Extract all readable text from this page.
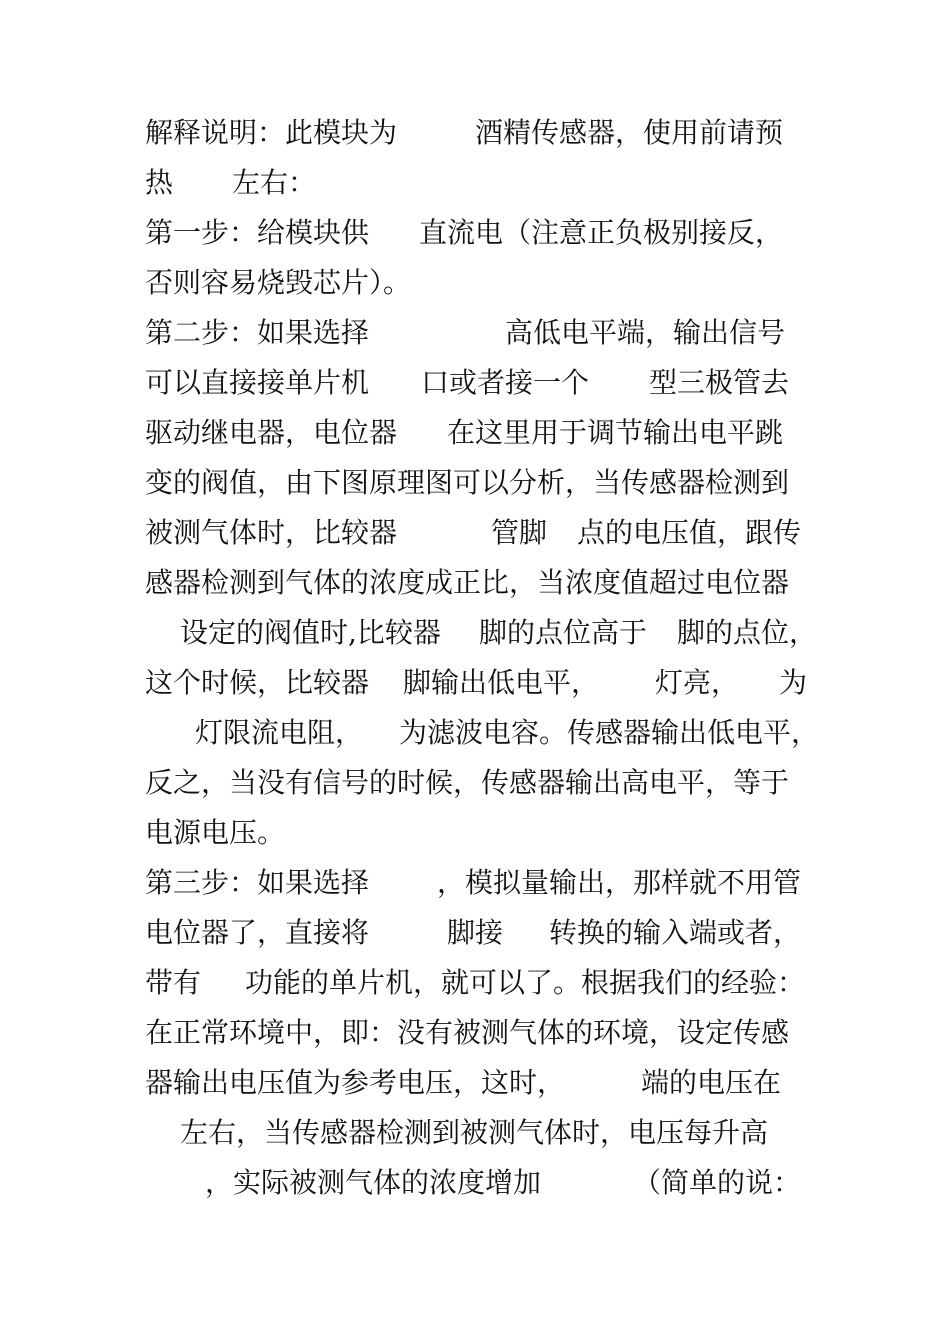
解释说明：此模块为	酒精传感器，使用前请预
热 左右：
第一步：给模块供 直流电（注意正负极别接反，
否则容易烧毁芯片）。
第二步：如果选择	高低电平端，输出信号
可以直接接单片机 口或者接一个 型三极管去
驱动继电器，电位器 在这里用于调节输出电平跳
变的阀值，由下图原理图可以分析，当传感器检测到
被测气体时，比较器	管脚 点的电压值，跟传
感器检测到气体的浓度成正比，当浓度值超过电位器
设定的阀值时,比较器 脚的点位高于 脚的点位，
这个时候，比较器 脚输出低电平， 灯亮， 为
灯限流电阻， 为滤波电容。传感器输出低电平，
反之，当没有信号的时候，传感器输出高电平，等于
电源电压。
第三步：如果选择 ，模拟量输出，那样就不用管
电位器了，直接将	脚接 转换的输入端或者，
带有 功能的单片机，就可以了。根据我们的经验：
在正常环境中，即：没有被测气体的环境，设定传感
器输出电压值为参考电压，这时，	端的电压在
左右，当传感器检测到被测气体时，电压每升高
，实际被测气体的浓度增加	（简单的说：
